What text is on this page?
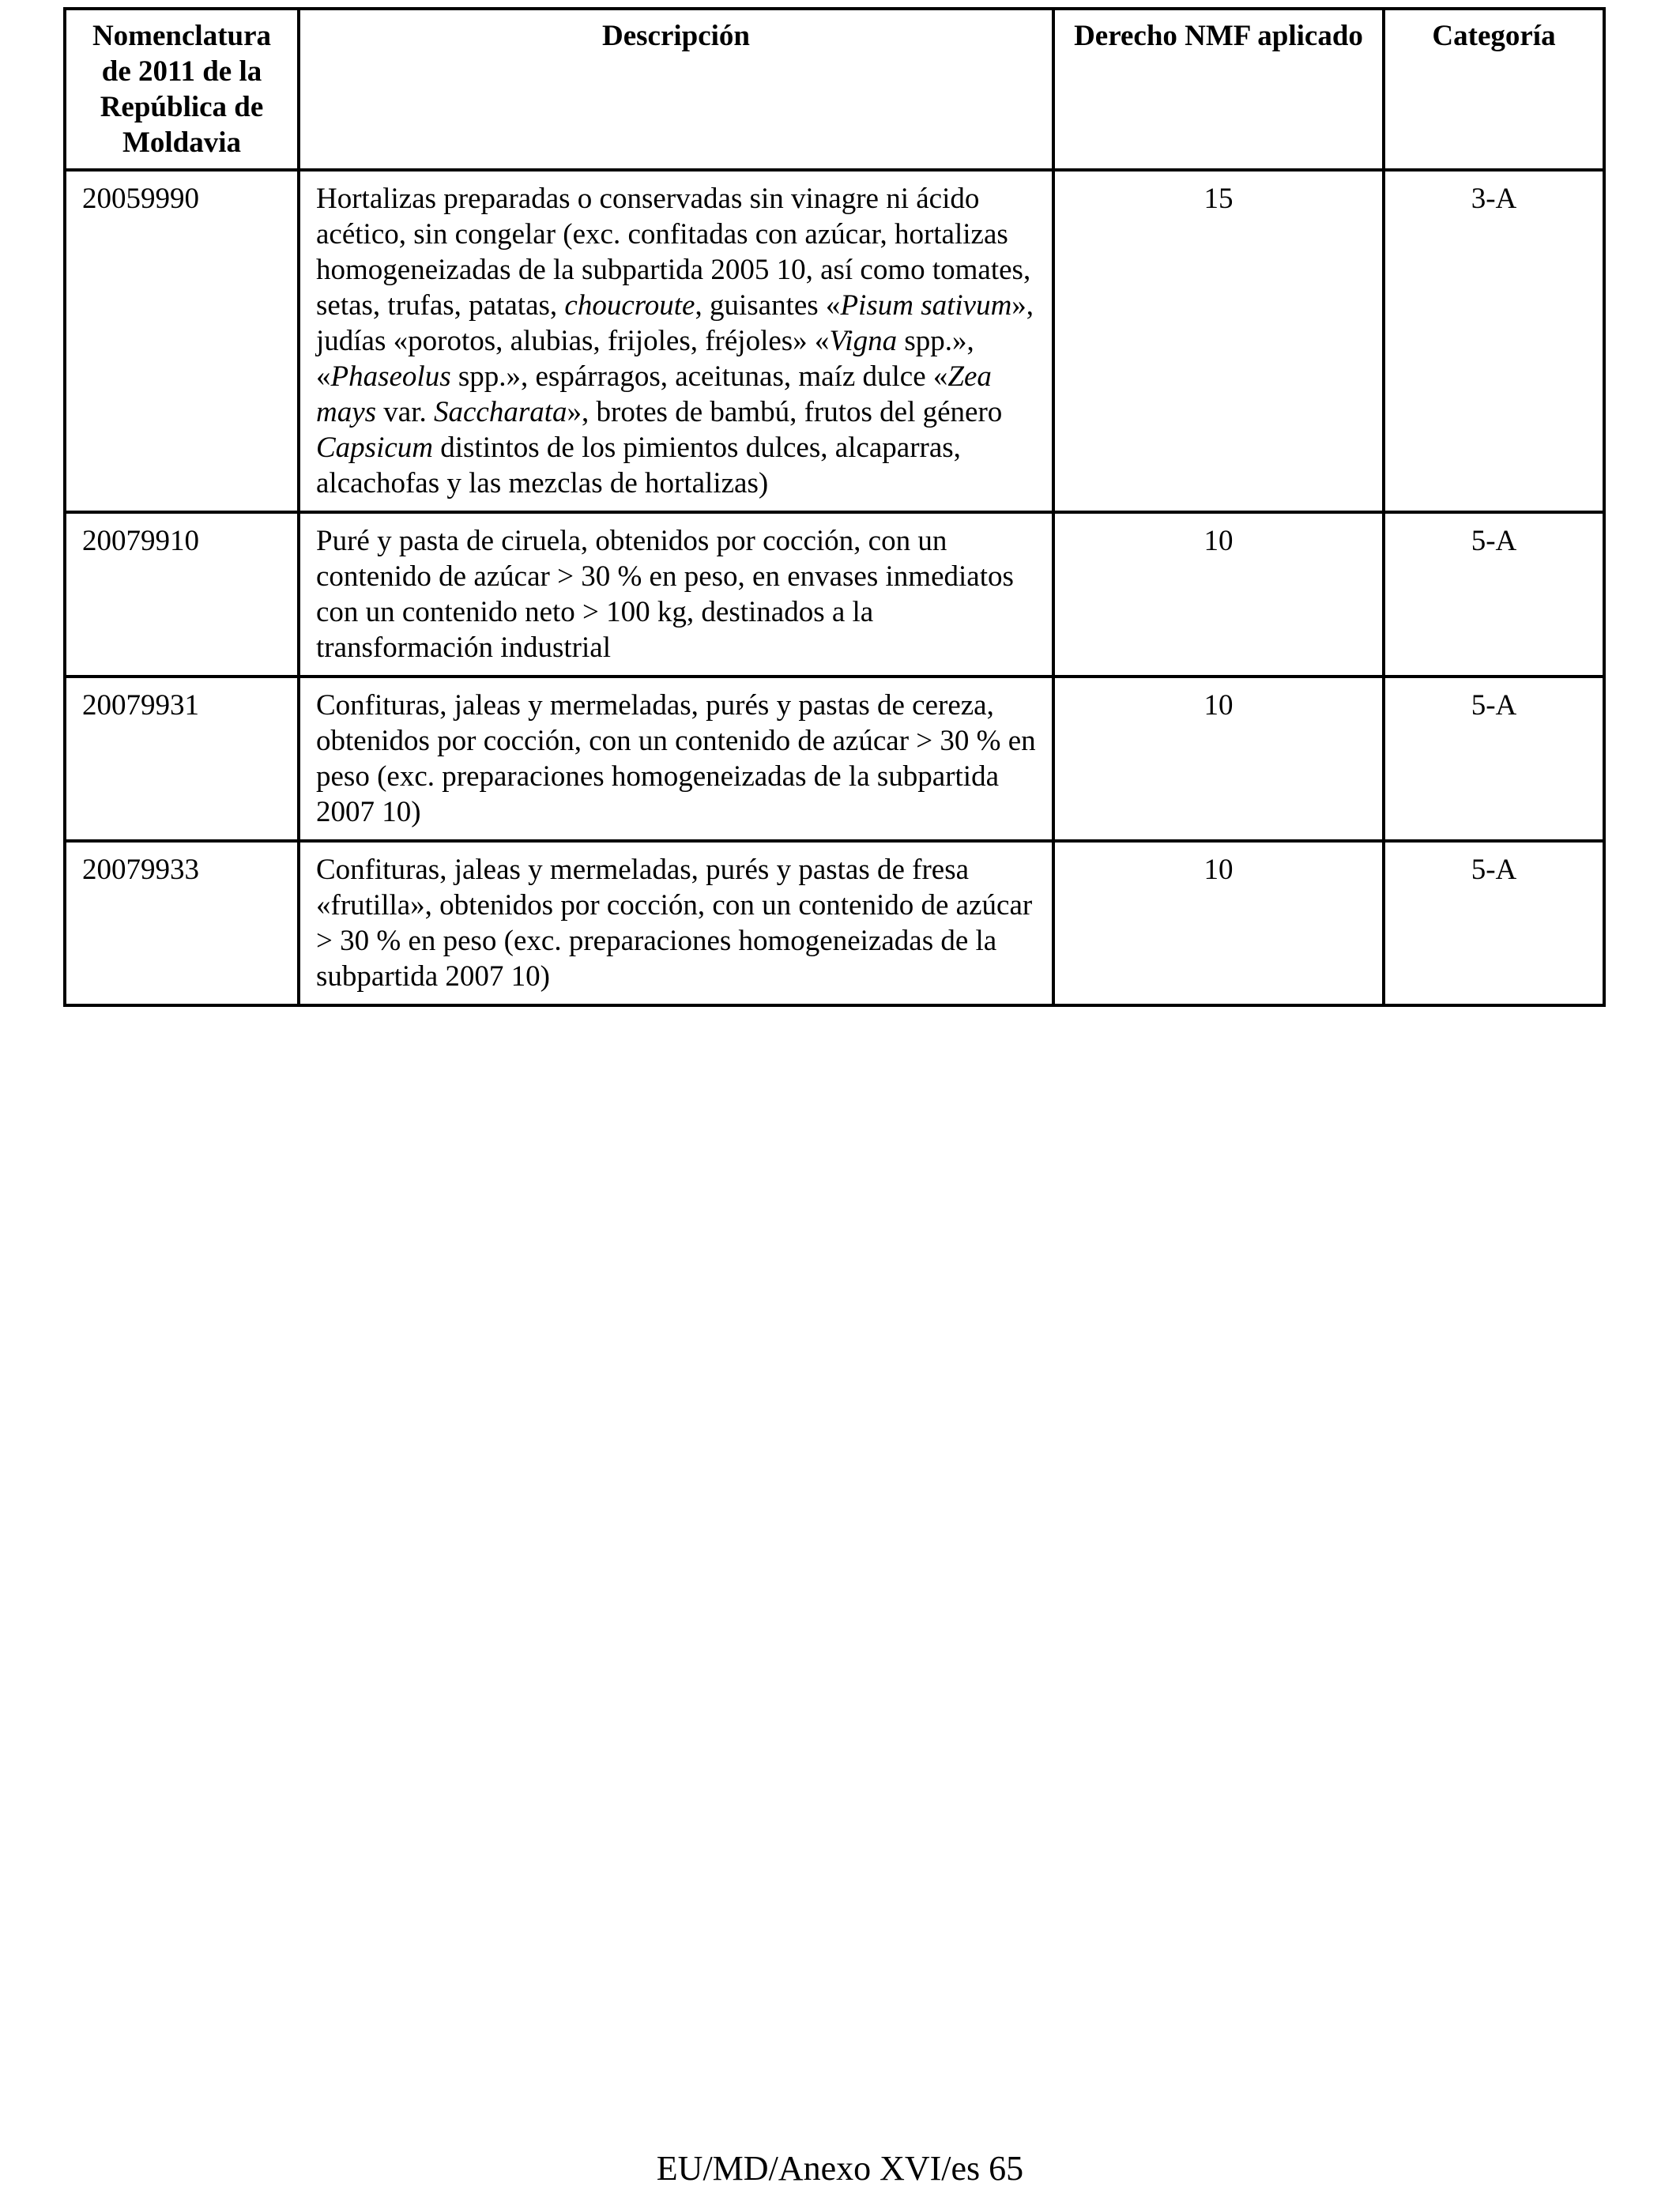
Nomenclatura de 2011 de la República de Moldavia	Descripción	Derecho NMF aplicado	Categoría
20059990	Hortalizas preparadas o conservadas sin vinagre ni ácido acético, sin congelar (exc. confitadas con azúcar, hortalizas homogeneizadas de la subpartida 2005 10, así como tomates, setas, trufas, patatas, choucroute, guisantes «Pisum sativum», judías «porotos, alubias, frijoles, fréjoles» «Vigna spp.», «Phaseolus spp.», espárragos, aceitunas, maíz dulce «Zea mays var. Saccharata», brotes de bambú, frutos del género Capsicum distintos de los pimientos dulces, alcaparras, alcachofas y las mezclas de hortalizas)	15	3-A
20079910	Puré y pasta de ciruela, obtenidos por cocción, con un contenido de azúcar > 30 % en peso, en envases inmediatos con un contenido neto > 100 kg, destinados a la transformación industrial	10	5-A
20079931	Confituras, jaleas y mermeladas, purés y pastas de cereza, obtenidos por cocción, con un contenido de azúcar > 30 % en peso (exc. preparaciones homogeneizadas de la subpartida 2007 10)	10	5-A
20079933	Confituras, jaleas y mermeladas, purés y pastas de fresa «frutilla», obtenidos por cocción, con un contenido de azúcar > 30 % en peso (exc. preparaciones homogeneizadas de la subpartida 2007 10)	10	5-A
EU/MD/Anexo XVI/es 65
